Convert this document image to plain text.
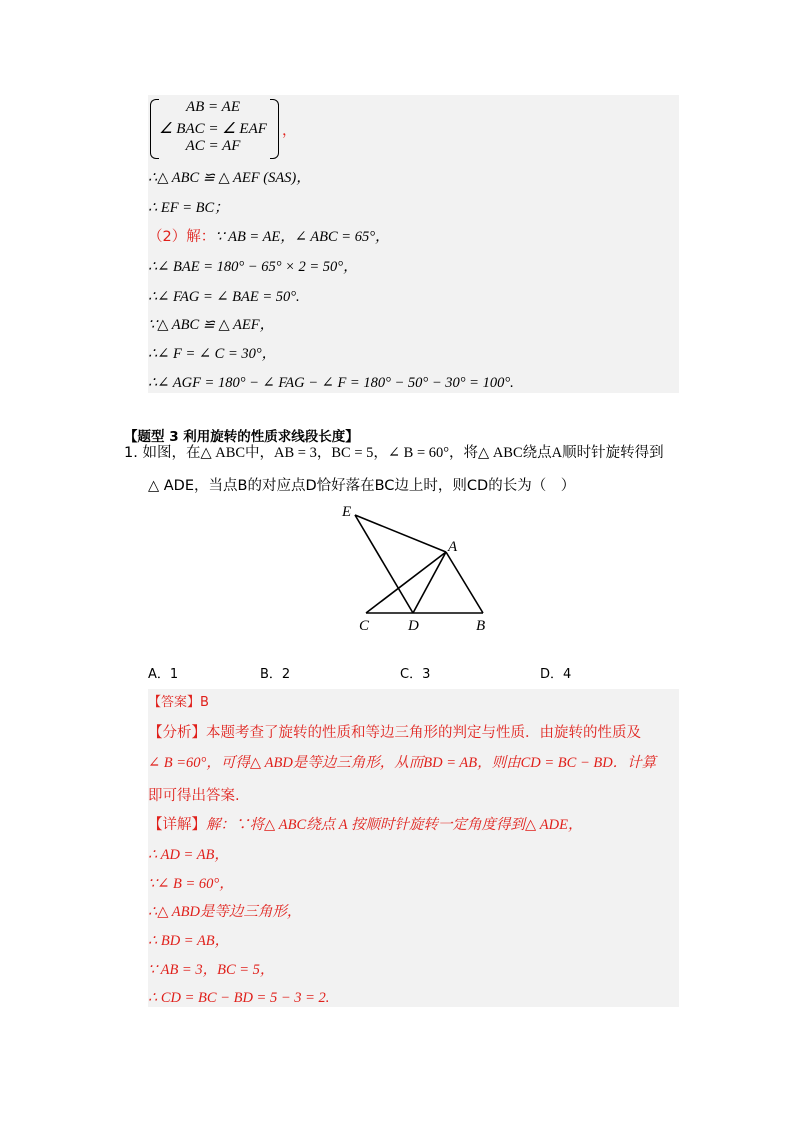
AB = AE
∠ BAC = ∠ EAF
AC = AF
，
∴△ ABC ≌ △ AEF (SAS)，
∴ EF = BC；
（2）解：∵ AB = AE，∠ ABC = 65°，
∴∠ BAE = 180° − 65° × 2 = 50°，
∴∠ FAG = ∠ BAE = 50°.
∵△ ABC ≌ △ AEF，
∴∠ F = ∠ C = 30°，
∴∠ AGF = 180° − ∠ FAG − ∠ F = 180° − 50° − 30° = 100°.
【题型 3 利用旋转的性质求线段长度】
1. 如图，在△ ABC中，AB = 3，BC = 5，∠ B = 60°，将△ ABC绕点A顺时针旋转得到
△ ADE，当点B的对应点D恰好落在BC边上时，则CD的长为（　）
E
A
C	D	B
A．1	B．2	C．3	D．4
【答案】B
【分析】本题考查了旋转的性质和等边三角形的判定与性质．由旋转的性质及
∠ B =60°，可得△ ABD是等边三角形，从而BD = AB，则由CD = BC − BD．计算
即可得出答案.
【详解】解：∵将△ ABC绕点 A 按顺时针旋转一定角度得到△ ADE，
∴ AD = AB，
∵∠ B = 60°，
∴△ ABD是等边三角形，
∴ BD = AB，
∵ AB = 3，BC = 5，
∴ CD = BC − BD = 5 − 3 = 2.
